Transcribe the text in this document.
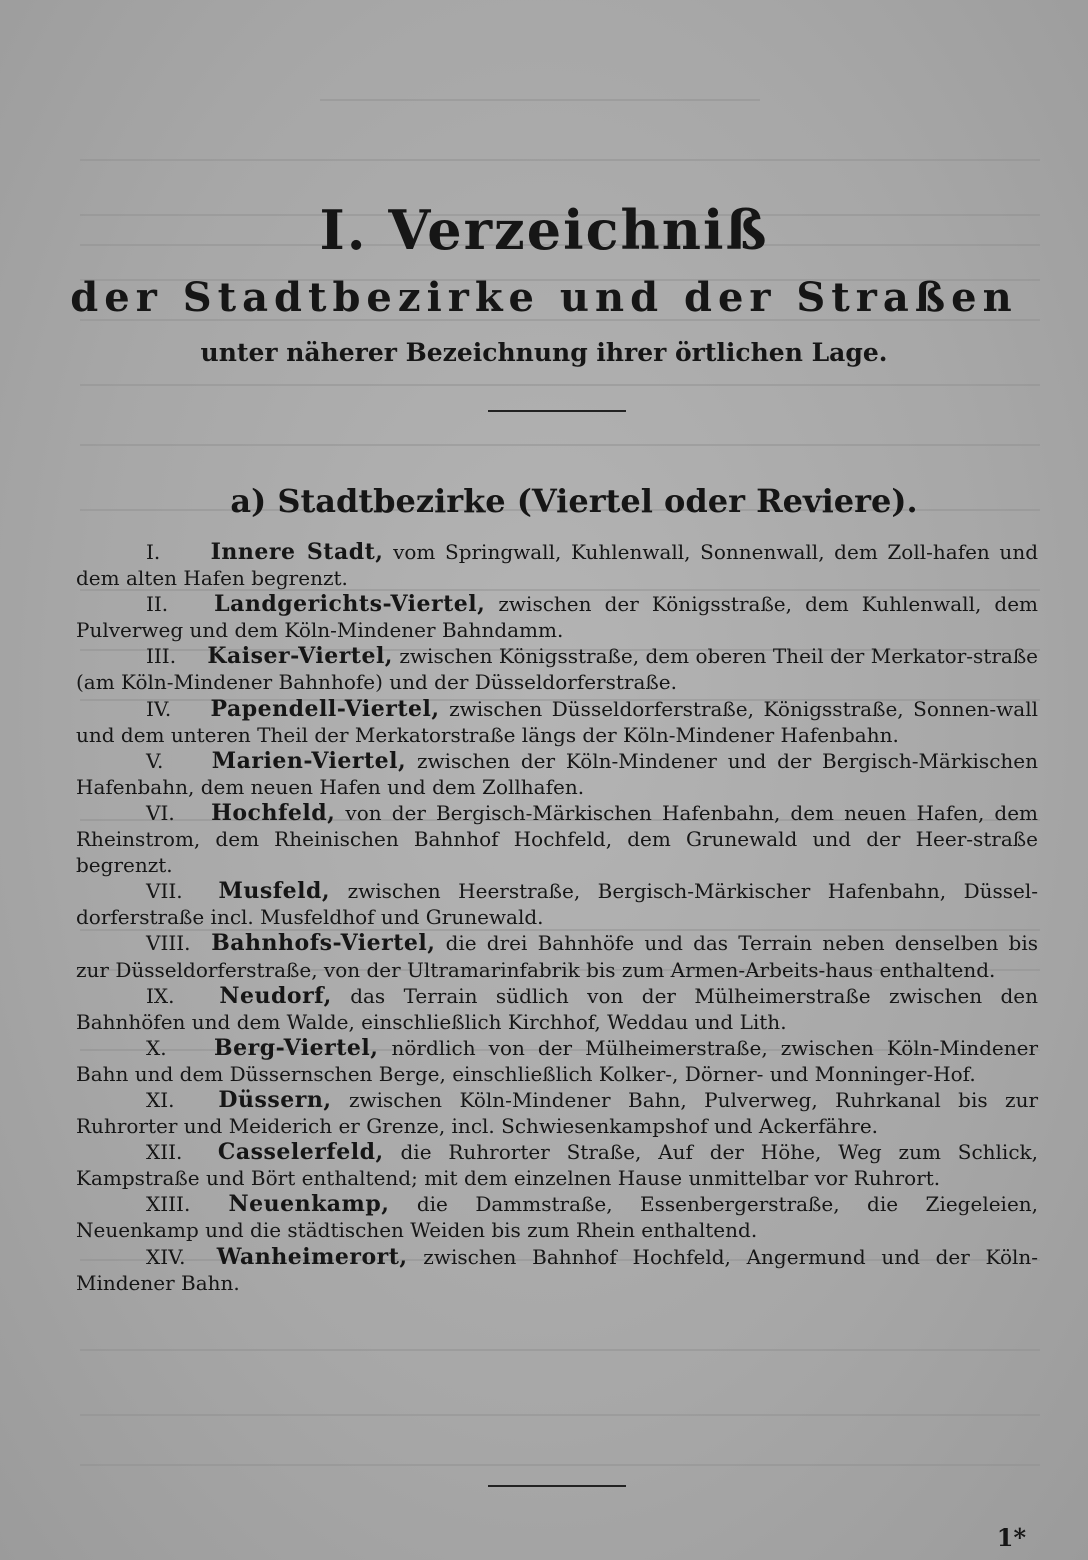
I. Verzeichniß
der Stadtbezirke und der Straßen
unter näherer Bezeichnung ihrer örtlichen Lage.
a) Stadtbezirke (Viertel oder Reviere).

I. Innere Stadt, vom Springwall, Kuhlenwall, Sonnenwall, dem Zoll-hafen und dem alten Hafen begrenzt.

II. Landgerichts-Viertel, zwischen der Königsstraße, dem Kuhlenwall, dem Pulverweg und dem Köln-Mindener Bahndamm.

III. Kaiser-Viertel, zwischen Königsstraße, dem oberen Theil der Merkator-straße (am Köln-Mindener Bahnhofe) und der Düsseldorferstraße.

IV. Papendell-Viertel, zwischen Düsseldorferstraße, Königsstraße, Sonnen-wall und dem unteren Theil der Merkatorstraße längs der Köln-Mindener Hafenbahn.

V. Marien-Viertel, zwischen der Köln-Mindener und der Bergisch-Märkischen Hafenbahn, dem neuen Hafen und dem Zollhafen.

VI. Hochfeld, von der Bergisch-Märkischen Hafenbahn, dem neuen Hafen, dem Rheinstrom, dem Rheinischen Bahnhof Hochfeld, dem Grunewald und der Heer-straße begrenzt.

VII. Musfeld, zwischen Heerstraße, Bergisch-Märkischer Hafenbahn, Düssel-dorferstraße incl. Musfeldhof und Grunewald.

VIII. Bahnhofs-Viertel, die drei Bahnhöfe und das Terrain neben denselben bis zur Düsseldorferstraße, von der Ultramarinfabrik bis zum Armen-Arbeits-haus enthaltend.

IX. Neudorf, das Terrain südlich von der Mülheimerstraße zwischen den Bahnhöfen und dem Walde, einschließlich Kirchhof, Weddau und Lith.

X. Berg-Viertel, nördlich von der Mülheimerstraße, zwischen Köln-Mindener Bahn und dem Düssernschen Berge, einschließlich Kolker-, Dörner- und Monninger-Hof.

XI. Düssern, zwischen Köln-Mindener Bahn, Pulverweg, Ruhrkanal bis zur Ruhrorter und Meiderich er Grenze, incl. Schwiesenkampshof und Ackerfähre.

XII. Casselerfeld, die Ruhrorter Straße, Auf der Höhe, Weg zum Schlick, Kampstraße und Bört enthaltend; mit dem einzelnen Hause unmittelbar vor Ruhrort.

XIII. Neuenkamp, die Dammstraße, Essenbergerstraße, die Ziegeleien, Neuenkamp und die städtischen Weiden bis zum Rhein enthaltend.

XIV. Wanheimerort, zwischen Bahnhof Hochfeld, Angermund und der Köln-Mindener Bahn.

1*
